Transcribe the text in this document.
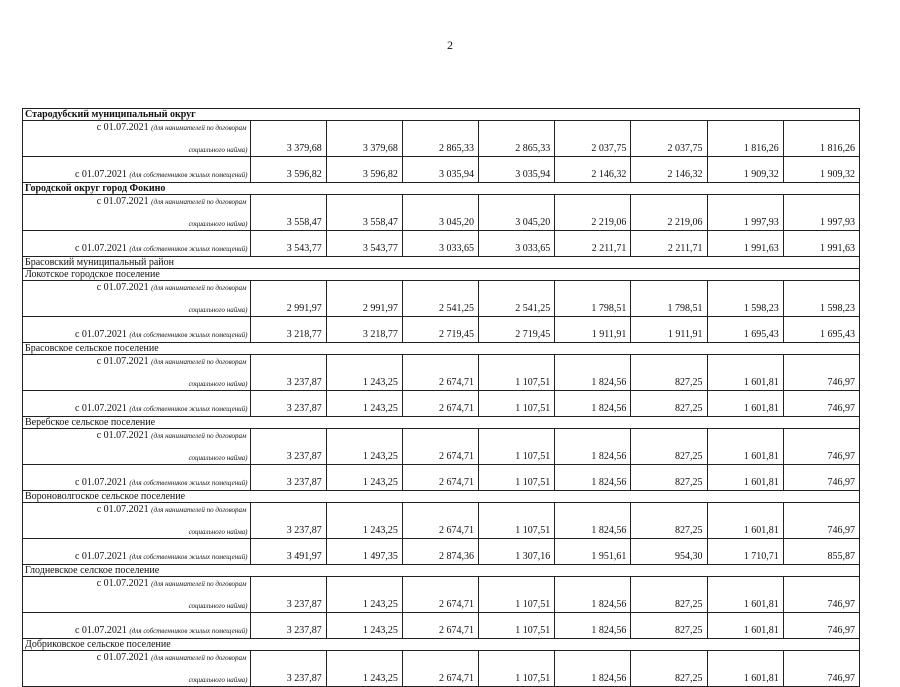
2
Стародубский муниципальный округ								

с 01.07.2021 (для нанимателей по договорам
социального найма)	3 379,68	3 379,68	2 865,33	2 865,33	2 037,75	2 037,75	1 816,26	1 816,26
с 01.07.2021 (для собственников жилых помещений)	3 596,82	3 596,82	3 035,94	3 035,94	2 146,32	2 146,32	1 909,32	1 909,32
Городской округ город Фокино								

с 01.07.2021 (для нанимателей по договорам
социального найма)	3 558,47	3 558,47	3 045,20	3 045,20	2 219,06	2 219,06	1 997,93	1 997,93
с 01.07.2021 (для собственников жилых помещений)	3 543,77	3 543,77	3 033,65	3 033,65	2 211,71	2 211,71	1 991,63	1 991,63
Брасовский муниципальный район								
Локотское городское поселение								

с 01.07.2021 (для нанимателей по договорам
социального найма)	2 991,97	2 991,97	2 541,25	2 541,25	1 798,51	1 798,51	1 598,23	1 598,23
с 01.07.2021 (для собственников жилых помещений)	3 218,77	3 218,77	2 719,45	2 719,45	1 911,91	1 911,91	1 695,43	1 695,43
Брасовское сельское поселение								

с 01.07.2021 (для нанимателей по договорам
социального найма)	3 237,87	1 243,25	2 674,71	1 107,51	1 824,56	827,25	1 601,81	746,97
с 01.07.2021 (для собственников жилых помещений)	3 237,87	1 243,25	2 674,71	1 107,51	1 824,56	827,25	1 601,81	746,97
Веребское сельское поселение								

с 01.07.2021 (для нанимателей по договорам
социального найма)	3 237,87	1 243,25	2 674,71	1 107,51	1 824,56	827,25	1 601,81	746,97
с 01.07.2021 (для собственников жилых помещений)	3 237,87	1 243,25	2 674,71	1 107,51	1 824,56	827,25	1 601,81	746,97
Вороноволгоское сельское поселение								

с 01.07.2021 (для нанимателей по договорам
социального найма)	3 237,87	1 243,25	2 674,71	1 107,51	1 824,56	827,25	1 601,81	746,97
с 01.07.2021 (для собственников жилых помещений)	3 491,97	1 497,35	2 874,36	1 307,16	1 951,61	954,30	1 710,71	855,87
Глодневское селское поселение								

с 01.07.2021 (для нанимателей по договорам
социального найма)	3 237,87	1 243,25	2 674,71	1 107,51	1 824,56	827,25	1 601,81	746,97
с 01.07.2021 (для собственников жилых помещений)	3 237,87	1 243,25	2 674,71	1 107,51	1 824,56	827,25	1 601,81	746,97
Добриковское сельское поселение								

с 01.07.2021 (для нанимателей по договорам
социального найма)	3 237,87	1 243,25	2 674,71	1 107,51	1 824,56	827,25	1 601,81	746,97
